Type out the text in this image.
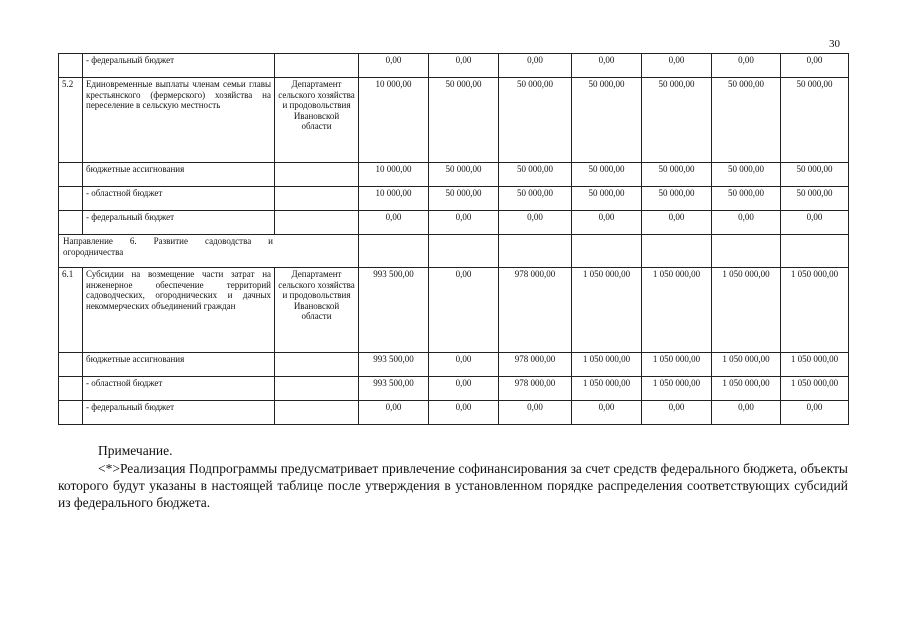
30
	- федеральный бюджет		0,00	0,00	0,00	0,00	0,00	0,00	0,00
5.2	Единовременные выплаты членам семьи главы крестьянского (фермерского) хозяйства на переселение в сельскую местность	Департамент сельского хозяйства и продовольствия Ивановской области	10 000,00	50 000,00	50 000,00	50 000,00	50 000,00	50 000,00	50 000,00
	бюджетные ассигнования		10 000,00	50 000,00	50 000,00	50 000,00	50 000,00	50 000,00	50 000,00
	- областной бюджет		10 000,00	50 000,00	50 000,00	50 000,00	50 000,00	50 000,00	50 000,00
	- федеральный бюджет		0,00	0,00	0,00	0,00	0,00	0,00	0,00

Направление 6. Развитие садоводства и огородничества									

6.1	Субсидии на возмещение части затрат на инженерное обеспечение территорий садоводческих, огороднических и дачных некоммерческих объединений граждан	Департамент сельского хозяйства и продовольствия Ивановской области	993 500,00	0,00	978 000,00	1 050 000,00	1 050 000,00	1 050 000,00	1 050 000,00
	бюджетные ассигнования		993 500,00	0,00	978 000,00	1 050 000,00	1 050 000,00	1 050 000,00	1 050 000,00
	- областной бюджет		993 500,00	0,00	978 000,00	1 050 000,00	1 050 000,00	1 050 000,00	1 050 000,00
	- федеральный бюджет		0,00	0,00	0,00	0,00	0,00	0,00	0,00

Примечание.

<*>Реализация Подпрограммы предусматривает привлечение софинансирования за счет средств федерального бюджета, объекты которого будут указаны в настоящей таблице после утверждения в установленном порядке распределения соответствующих субсидий из федерального бюджета.
